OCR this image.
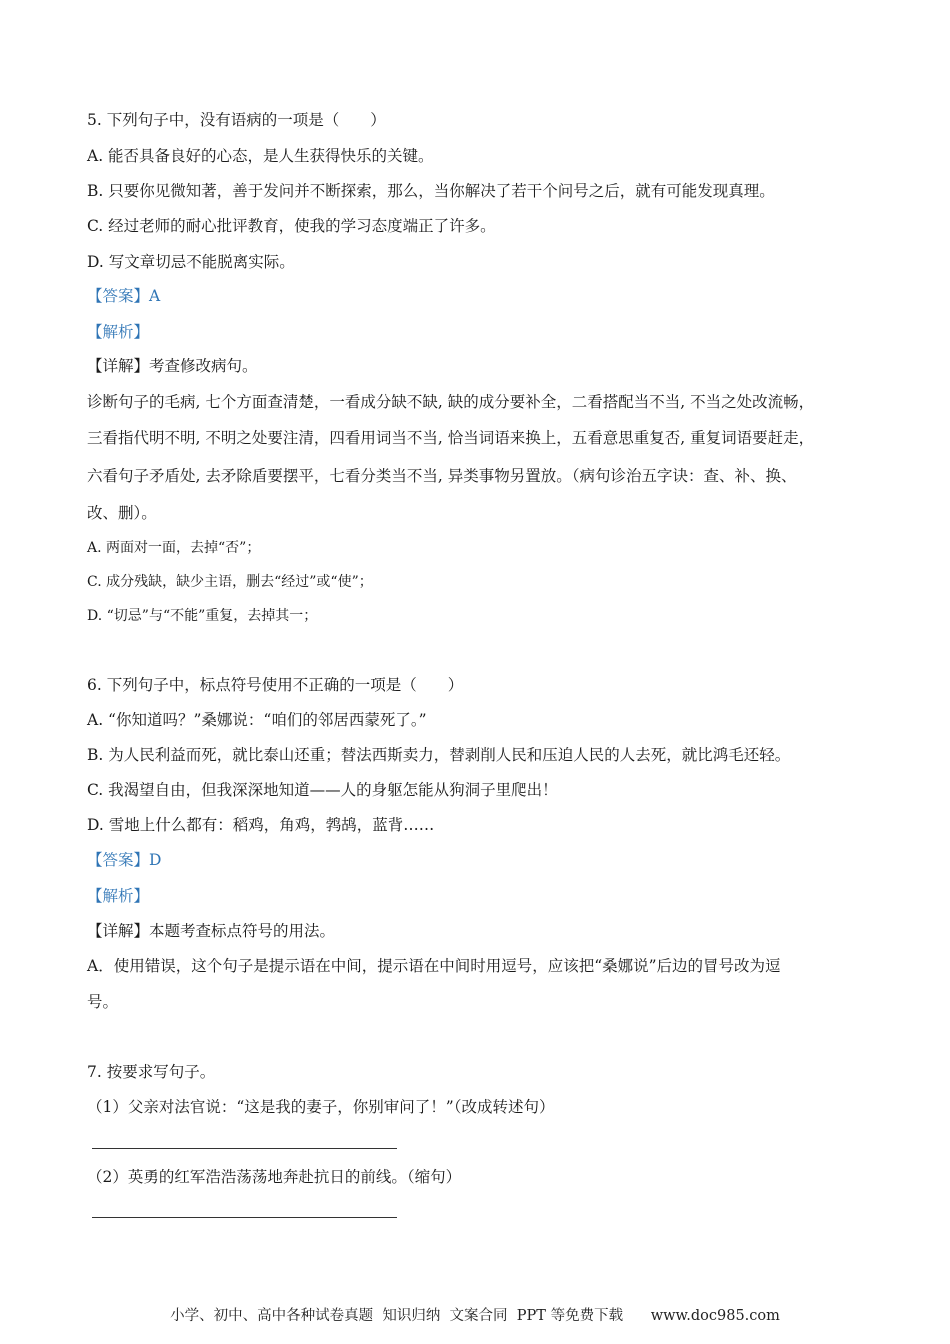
5. 下列句子中，没有语病的一项是（　　）
A. 能否具备良好的心态，是人生获得快乐的关键。
B. 只要你见微知著，善于发问并不断探索，那么，当你解决了若干个问号之后，就有可能发现真理。
C. 经过老师的耐心批评教育，使我的学习态度端正了许多。
D. 写文章切忌不能脱离实际。
【答案】A
【解析】
【详解】考查修改病句。
诊断句子的毛病, 七个方面查清楚，一看成分缺不缺, 缺的成分要补全，二看搭配当不当, 不当之处改流畅，
三看指代明不明, 不明之处要注清，四看用词当不当, 恰当词语来换上，五看意思重复否, 重复词语要赶走，
六看句子矛盾处, 去矛除盾要摆平，七看分类当不当, 异类事物另置放。（病句诊治五字诀：查、补、换、
改、删）。
A. 两面对一面，去掉“否”；
C. 成分残缺，缺少主语，删去“经过”或“使”；
D. “切忌”与“不能”重复，去掉其一；
6. 下列句子中，标点符号使用不正确的一项是（　　）
A. “你知道吗？”桑娜说：“咱们的邻居西蒙死了。”
B. 为人民利益而死，就比泰山还重；替法西斯卖力，替剥削人民和压迫人民的人去死，就比鸿毛还轻。
C. 我渴望自由，但我深深地知道——人的身躯怎能从狗洞子里爬出！
D. 雪地上什么都有：稻鸡，角鸡，鹁鸪，蓝背……
【答案】D
【解析】
【详解】本题考查标点符号的用法。
A．使用错误，这个句子是提示语在中间，提示语在中间时用逗号，应该把“桑娜说”后边的冒号改为逗
号。
7. 按要求写句子。
（1）父亲对法官说：“这是我的妻子，你别审问了！”（改成转述句）
（2）英勇的红军浩浩荡荡地奔赴抗日的前线。（缩句）
小学、初中、高中各种试卷真题  知识归纳  文案合同  PPT 等免费下载 www.doc985.com
